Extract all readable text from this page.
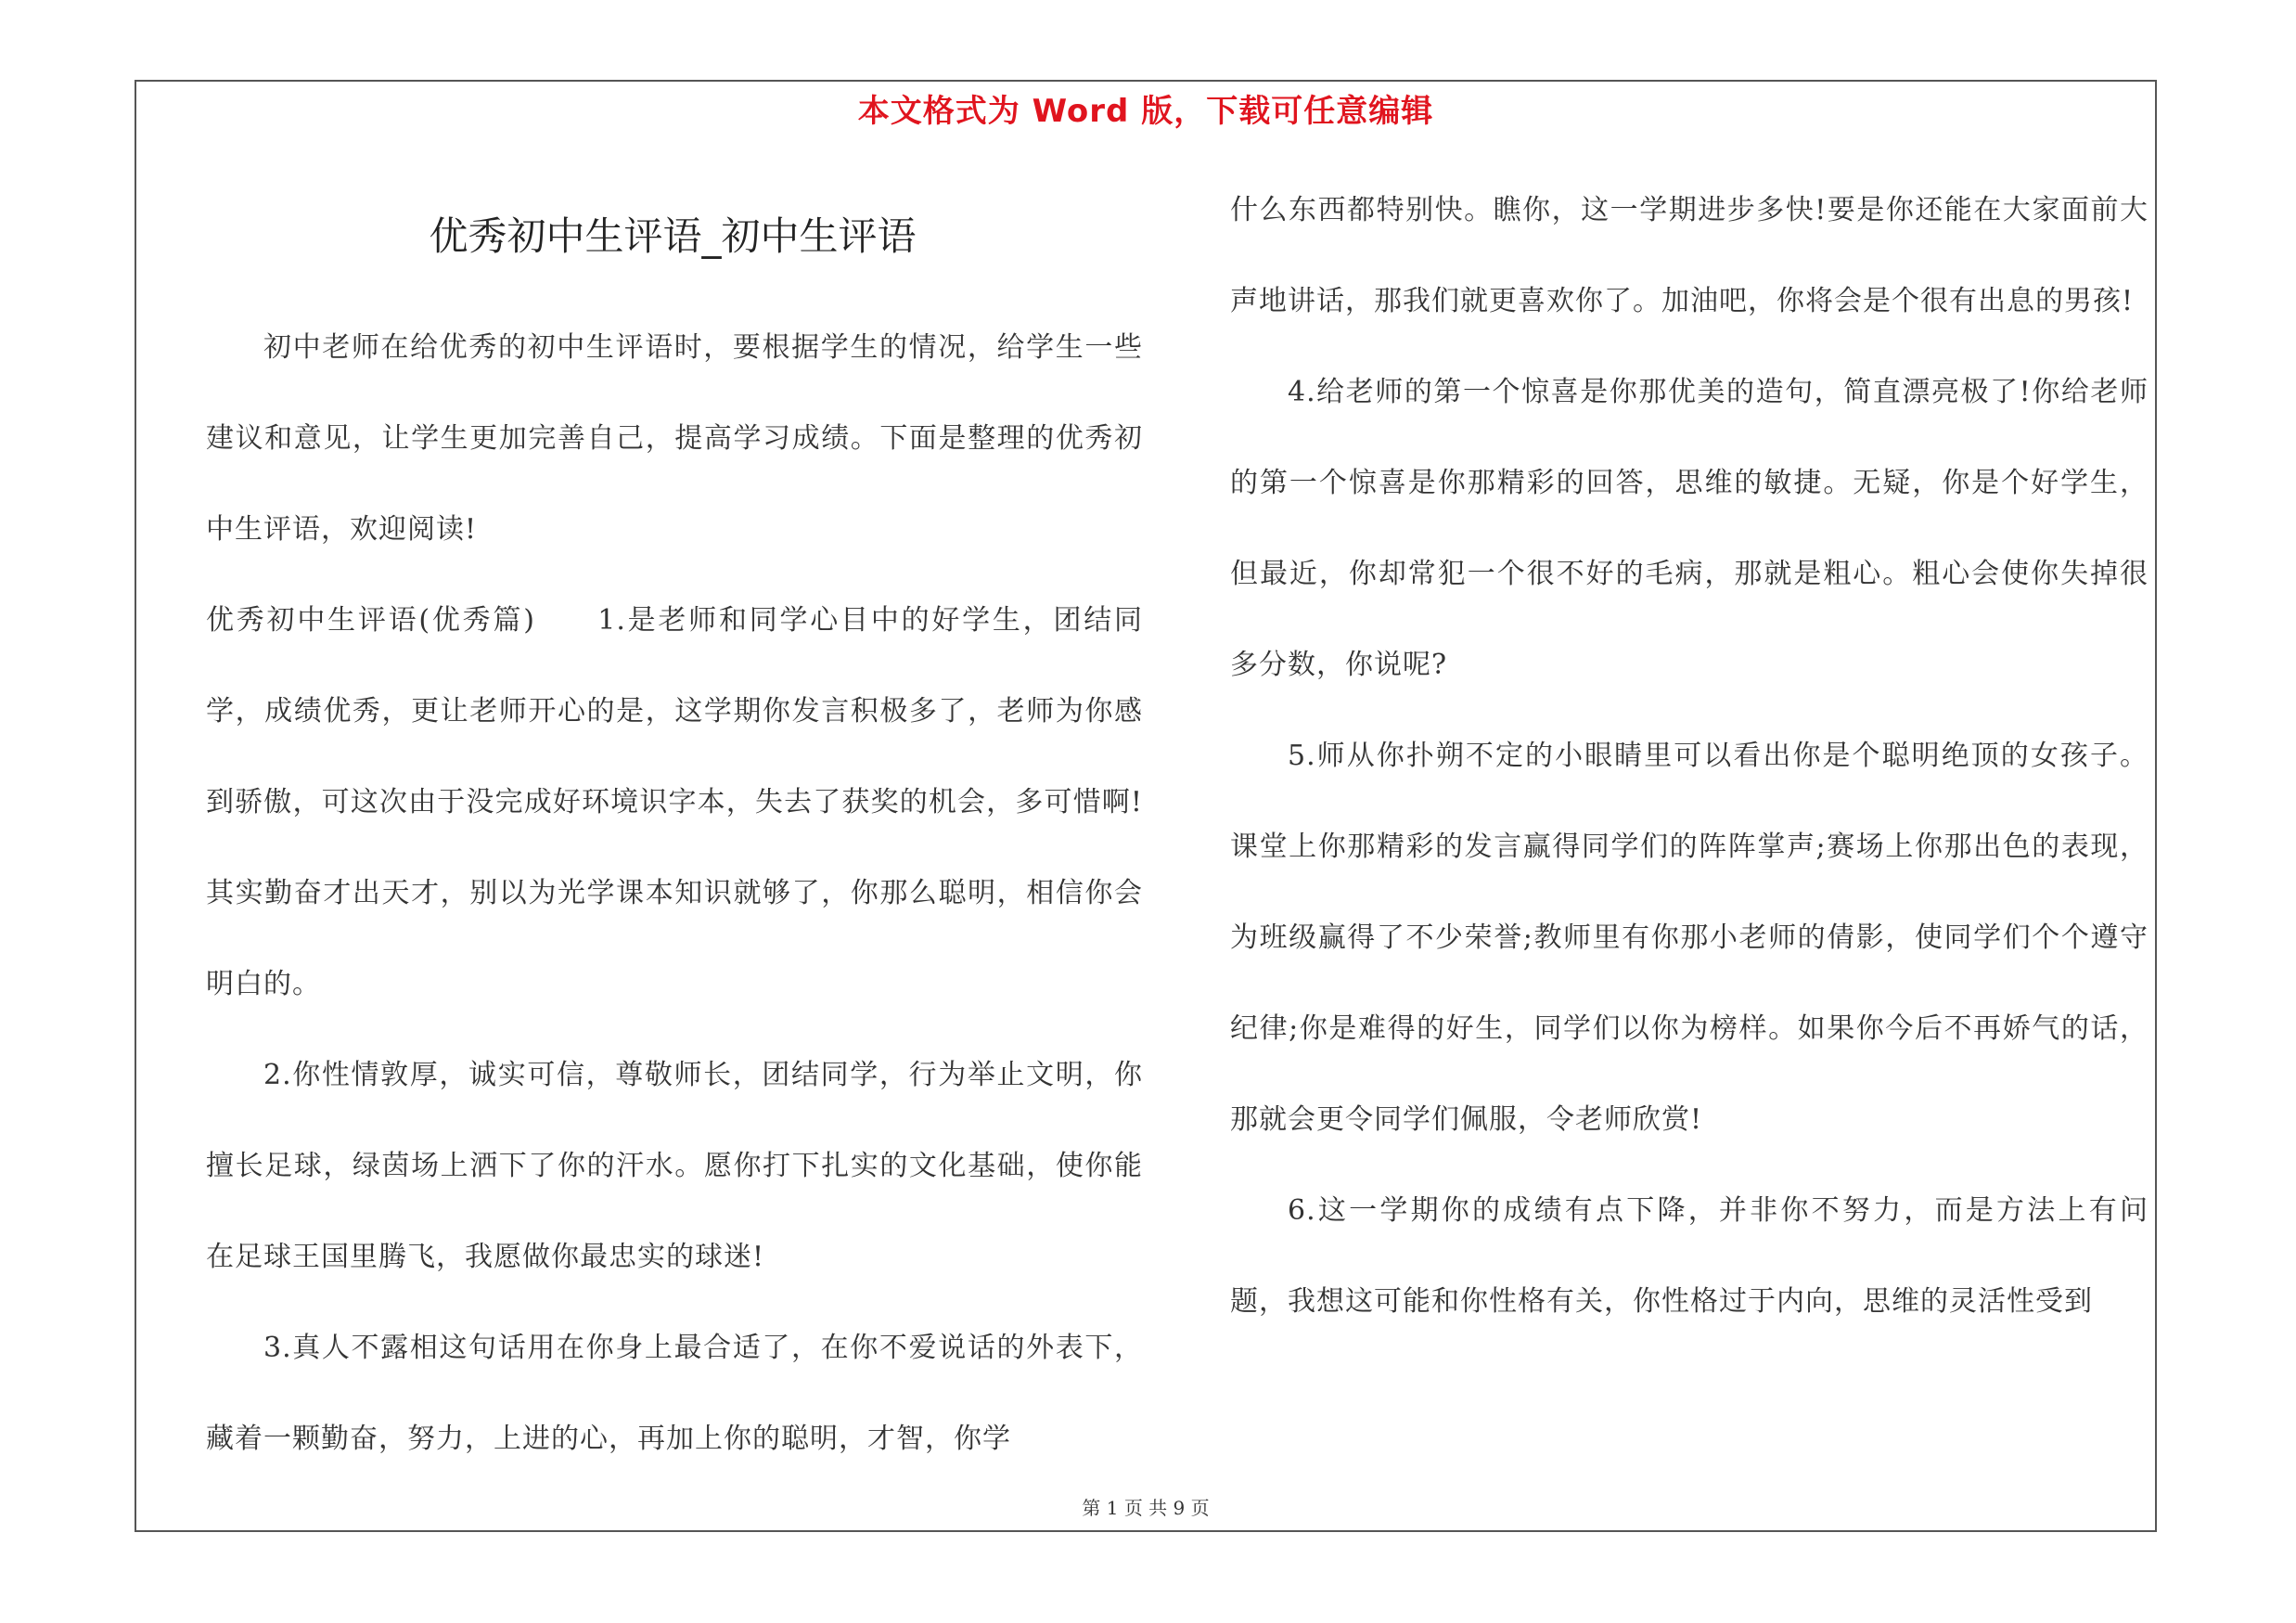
本文格式为 Word 版，下载可任意编辑
优秀初中生评语_初中生评语

初中老师在给优秀的初中生评语时，要根据学生的情况，给学生一些建议和意见，让学生更加完善自己，提高学习成绩。下面是整理的优秀初中生评语，欢迎阅读!

优秀初中生评语(优秀篇)　　1.是老师和同学心目中的好学生，团结同学，成绩优秀，更让老师开心的是，这学期你发言积极多了，老师为你感到骄傲，可这次由于没完成好环境识字本，失去了获奖的机会，多可惜啊!其实勤奋才出天才，别以为光学课本知识就够了，你那么聪明，相信你会明白的。

2.你性情敦厚，诚实可信，尊敬师长，团结同学，行为举止文明，你擅长足球，绿茵场上洒下了你的汗水。愿你打下扎实的文化基础，使你能在足球王国里腾飞，我愿做你最忠实的球迷!

3.真人不露相这句话用在你身上最合适了，在你不爱说话的外表下，藏着一颗勤奋，努力，上进的心，再加上你的聪明，才智，你学

什么东西都特别快。瞧你，这一学期进步多快!要是你还能在大家面前大声地讲话，那我们就更喜欢你了。加油吧，你将会是个很有出息的男孩!

4.给老师的第一个惊喜是你那优美的造句，简直漂亮极了!你给老师的第一个惊喜是你那精彩的回答，思维的敏捷。无疑，你是个好学生，但最近，你却常犯一个很不好的毛病，那就是粗心。粗心会使你失掉很多分数，你说呢?

5.师从你扑朔不定的小眼睛里可以看出你是个聪明绝顶的女孩子。课堂上你那精彩的发言赢得同学们的阵阵掌声;赛场上你那出色的表现，为班级赢得了不少荣誉;教师里有你那小老师的倩影，使同学们个个遵守纪律;你是难得的好生，同学们以你为榜样。如果你今后不再娇气的话，那就会更令同学们佩服，令老师欣赏!

6.这一学期你的成绩有点下降，并非你不努力，而是方法上有问题，我想这可能和你性格有关，你性格过于内向，思维的灵活性受到

第 1 页 共 9 页
